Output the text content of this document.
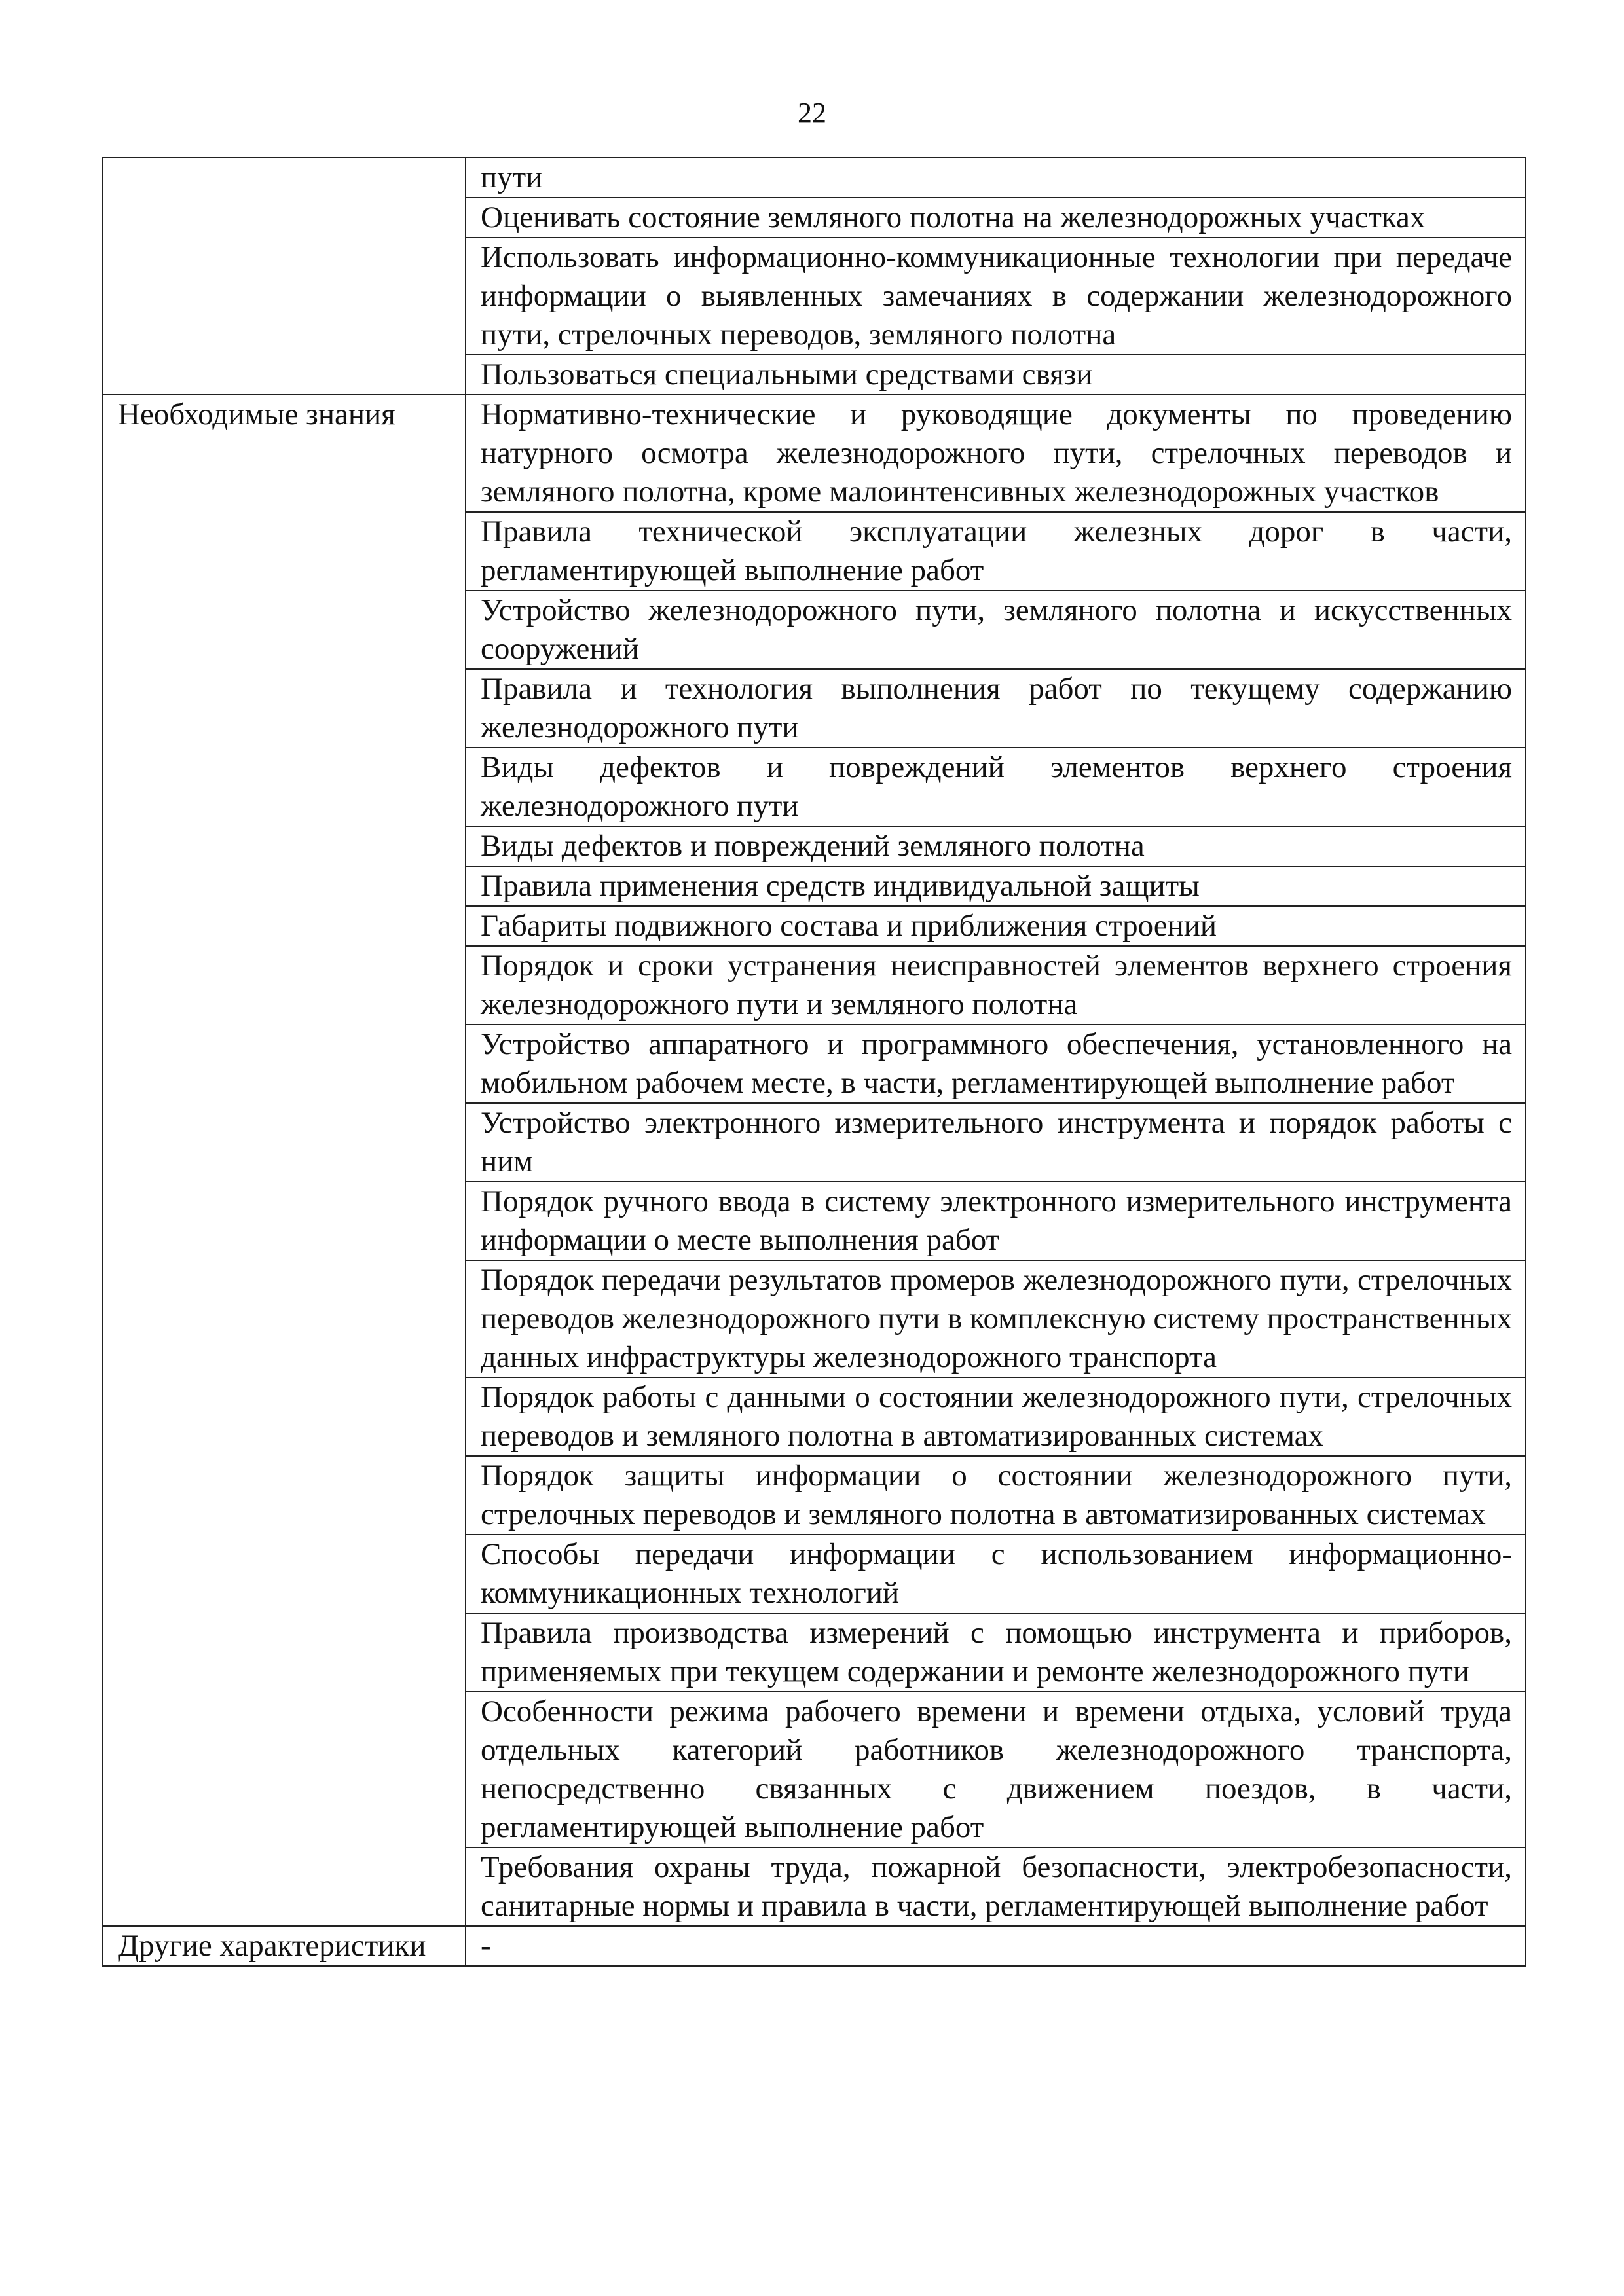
22
	пути
	Оценивать состояние земляного полотна на железнодорожных участках
	Использовать информационно-коммуникационные технологии при передаче информации о выявленных замечаниях в содержании железнодорожного пути, стрелочных переводов, земляного полотна
	Пользоваться специальными средствами связи
Необходимые знания	Нормативно-технические и руководящие документы по проведению натурного осмотра железнодорожного пути, стрелочных переводов и земляного полотна, кроме малоинтенсивных железнодорожных участков
	Правила технической эксплуатации железных дорог в части, регламентирующей выполнение работ
	Устройство железнодорожного пути, земляного полотна и искусственных сооружений
	Правила и технология выполнения работ по текущему содержанию железнодорожного пути
	Виды дефектов и повреждений элементов верхнего строения железнодорожного пути
	Виды дефектов и повреждений земляного полотна
	Правила применения средств индивидуальной защиты
	Габариты подвижного состава и приближения строений
	Порядок и сроки устранения неисправностей элементов верхнего строения железнодорожного пути и земляного полотна
	Устройство аппаратного и программного обеспечения, установленного на мобильном рабочем месте, в части, регламентирующей выполнение работ
	Устройство электронного измерительного инструмента и порядок работы с ним
	Порядок ручного ввода в систему электронного измерительного инструмента информации о месте выполнения работ
	Порядок передачи результатов промеров железнодорожного пути, стрелочных переводов железнодорожного пути в комплексную систему пространственных данных инфраструктуры железнодорожного транспорта
	Порядок работы с данными о состоянии железнодорожного пути, стрелочных переводов и земляного полотна в автоматизированных системах
	Порядок защиты информации о состоянии железнодорожного пути, стрелочных переводов и земляного полотна в автоматизированных системах
	Способы передачи информации с использованием информационно-коммуникационных технологий
	Правила производства измерений с помощью инструмента и приборов, применяемых при текущем содержании и ремонте железнодорожного пути
	Особенности режима рабочего времени и времени отдыха, условий труда отдельных категорий работников железнодорожного транспорта, непосредственно связанных с движением поездов, в части, регламентирующей выполнение работ
	Требования охраны труда, пожарной безопасности, электробезопасности, санитарные нормы и правила в части, регламентирующей выполнение работ
Другие характеристики	-
